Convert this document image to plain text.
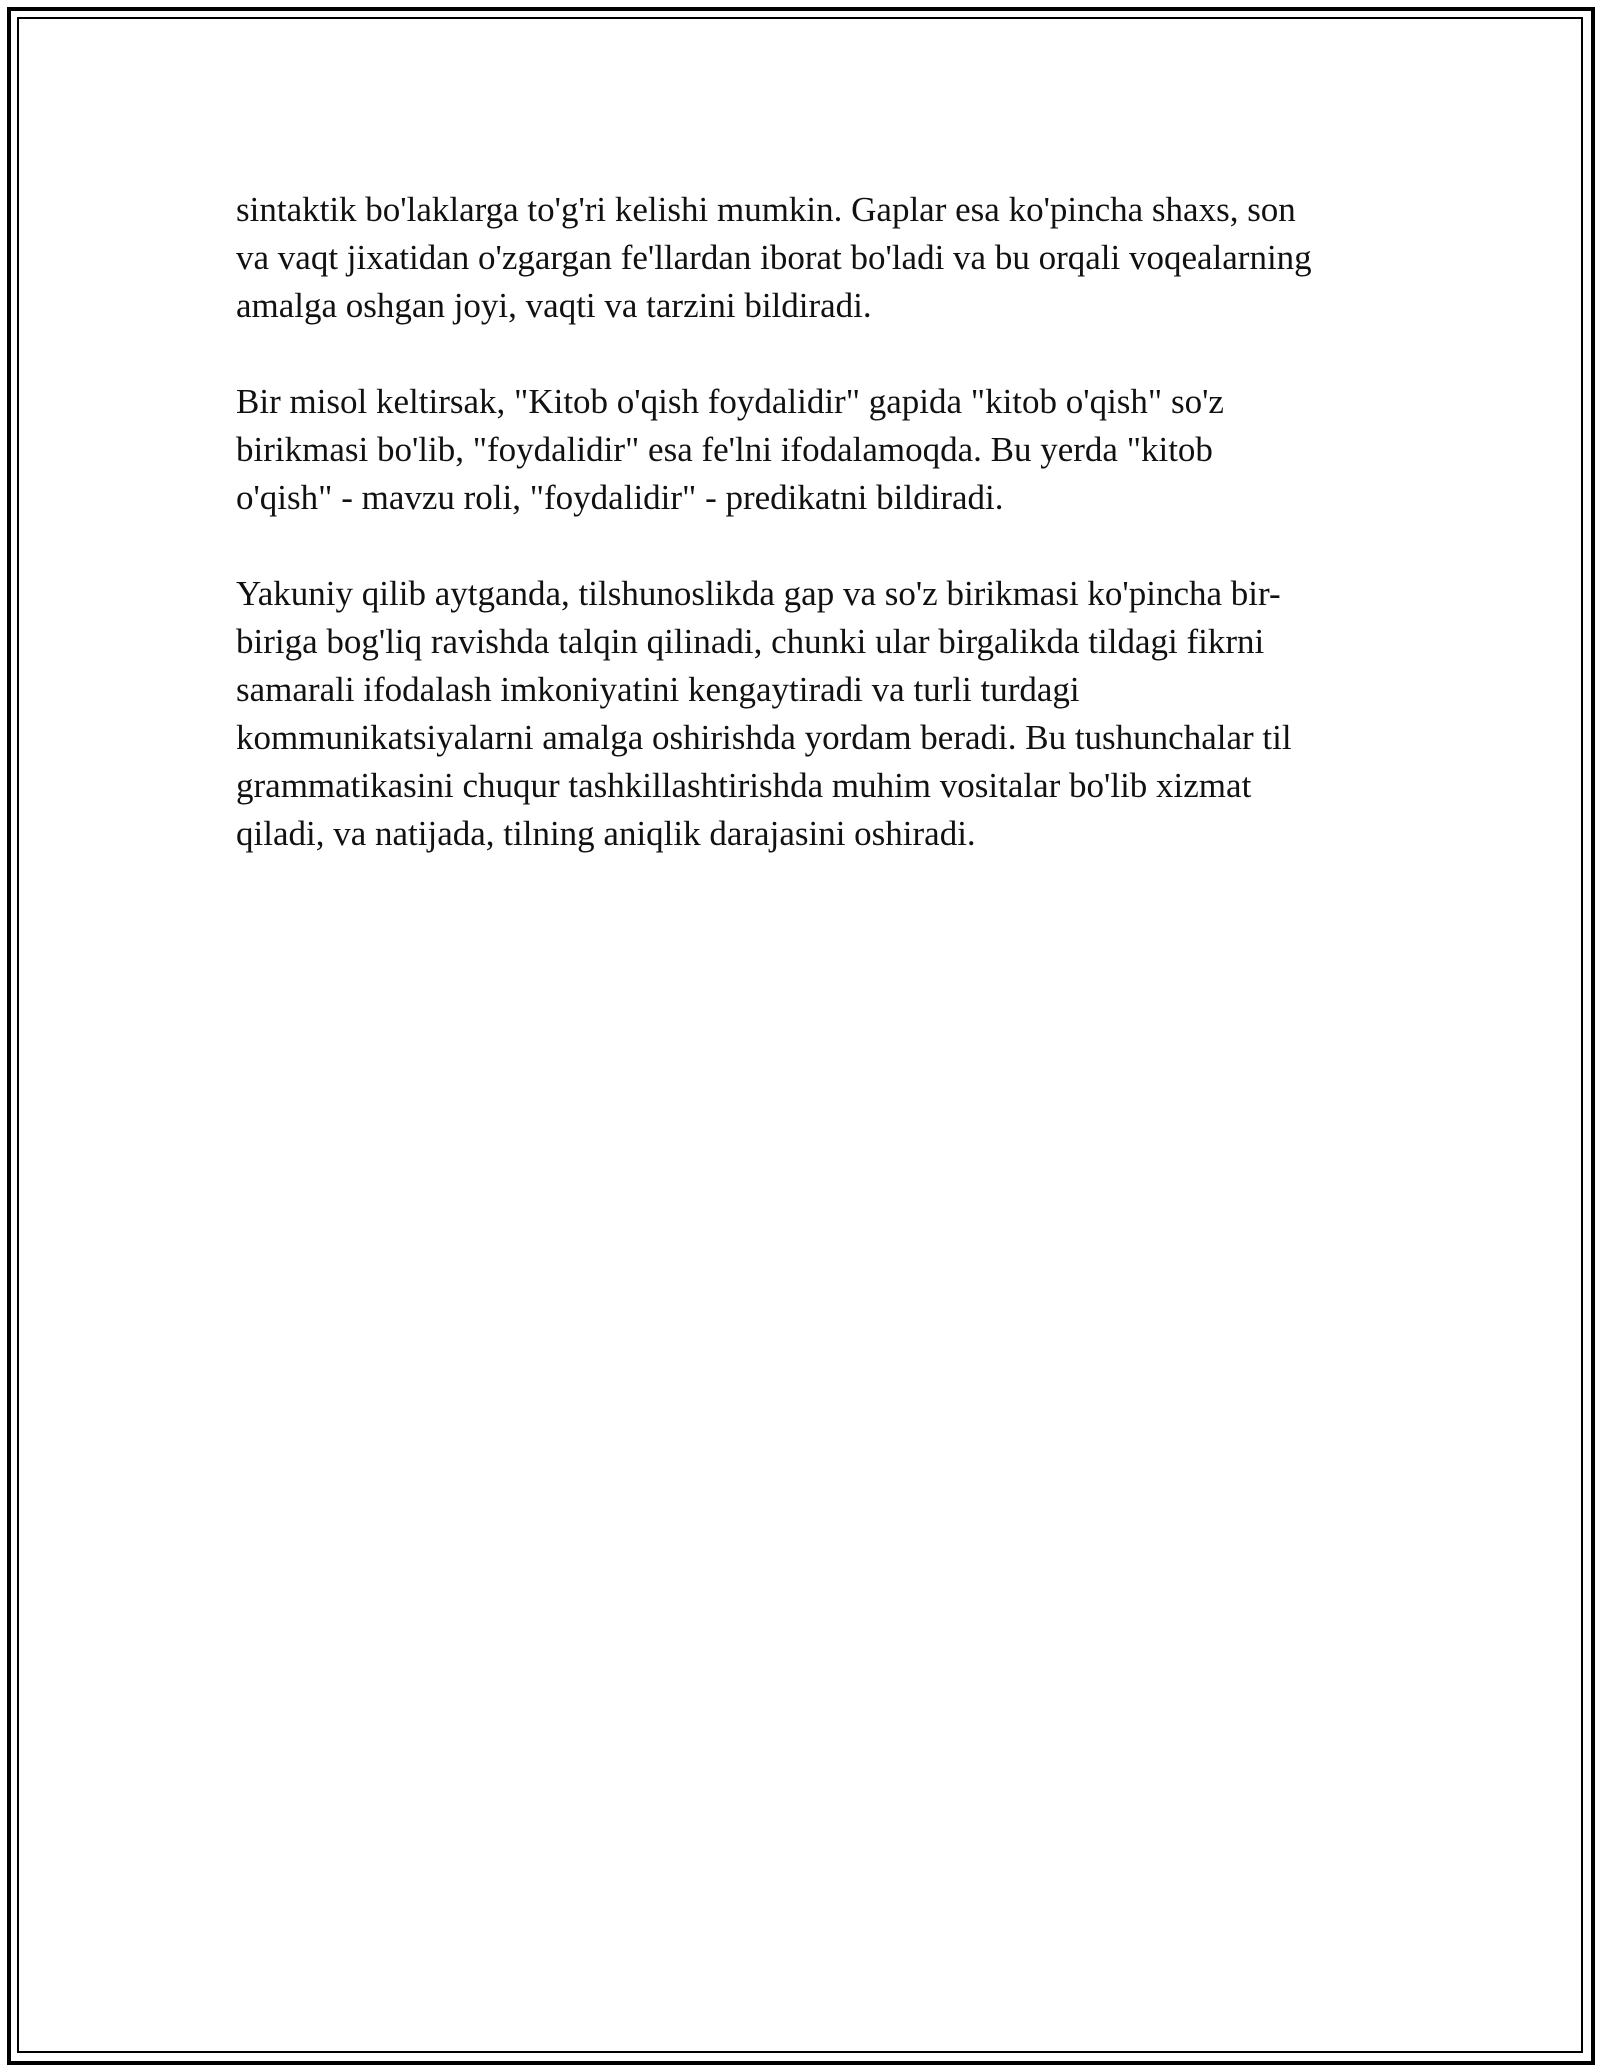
sintaktik bo'laklarga to'g'ri kelishi mumkin. Gaplar esa ko'pincha shaxs, son
va vaqt jixatidan o'zgargan fe'llardan iborat bo'ladi va bu orqali voqealarning
amalga oshgan joyi, vaqti va tarzini bildiradi.
Bir misol keltirsak, "Kitob o'qish foydalidir" gapida "kitob o'qish" so'z
birikmasi bo'lib, "foydalidir" esa fe'lni ifodalamoqda. Bu yerda "kitob
o'qish" - mavzu roli, "foydalidir" - predikatni bildiradi.
Yakuniy qilib aytganda, tilshunoslikda gap va so'z birikmasi ko'pincha bir-
biriga bog'liq ravishda talqin qilinadi, chunki ular birgalikda tildagi fikrni
samarali ifodalash imkoniyatini kengaytiradi va turli turdagi
kommunikatsiyalarni amalga oshirishda yordam beradi. Bu tushunchalar til
grammatikasini chuqur tashkillashtirishda muhim vositalar bo'lib xizmat
qiladi, va natijada, tilning aniqlik darajasini oshiradi.
